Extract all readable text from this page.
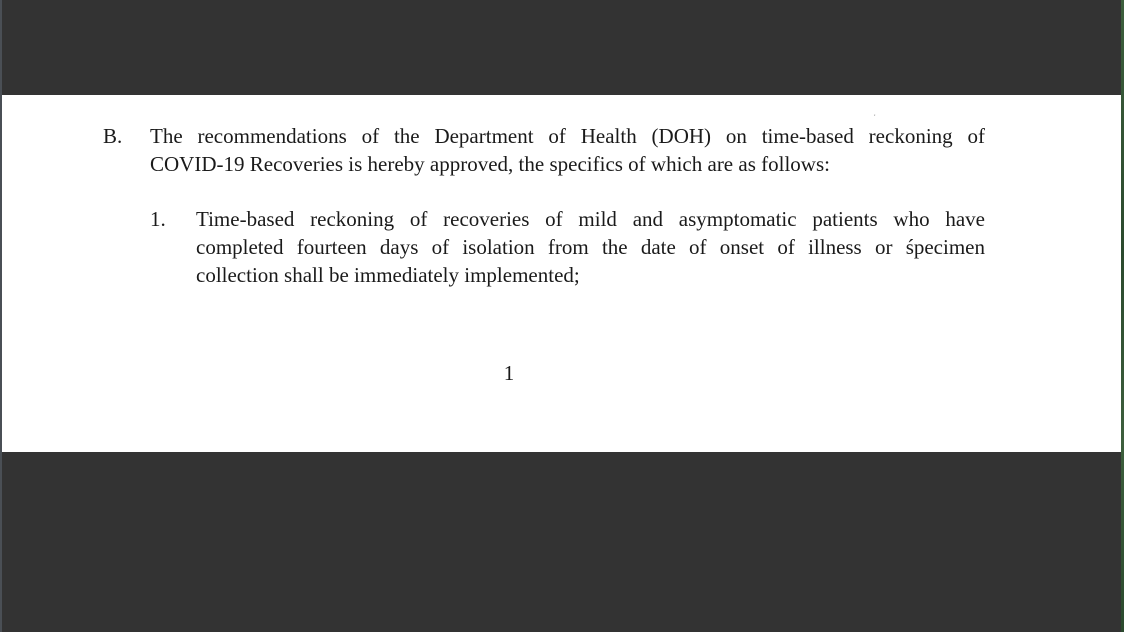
⸼
B. The recommendations of the Department of Health (DOH) on time-based reckoning of
COVID-19 Recoveries is hereby approved, the specifics of which are as follows:
1. Time-based reckoning of recoveries of mild and asymptomatic patients who have
completed fourteen days of isolation from the date of onset of illness or śpecimen
collection shall be immediately implemented;
1
